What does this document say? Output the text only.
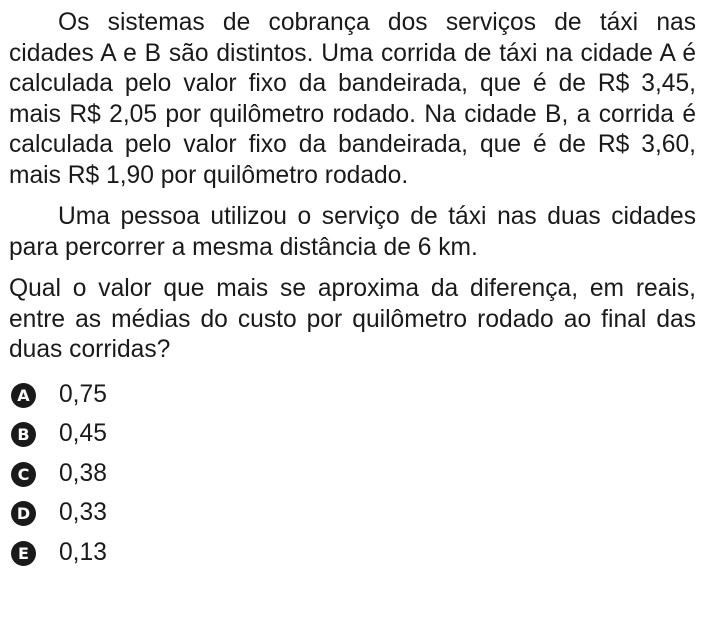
Os sistemas de cobrança dos serviços de táxi nas cidades A e B são distintos. Uma corrida de táxi na cidade A é calculada pelo valor fixo da bandeirada, que é de R$ 3,45, mais R$ 2,05 por quilômetro rodado. Na cidade B, a corrida é calculada pelo valor fixo da bandeirada, que é de R$ 3,60, mais R$ 1,90 por quilômetro rodado.

Uma pessoa utilizou o serviço de táxi nas duas cidades para percorrer a mesma distância de 6 km.

Qual o valor que mais se aproxima da diferença, em reais, entre as médias do custo por quilômetro rodado ao final das duas corridas?

A 0,75
B 0,45
C 0,38
D 0,33
E 0,13
